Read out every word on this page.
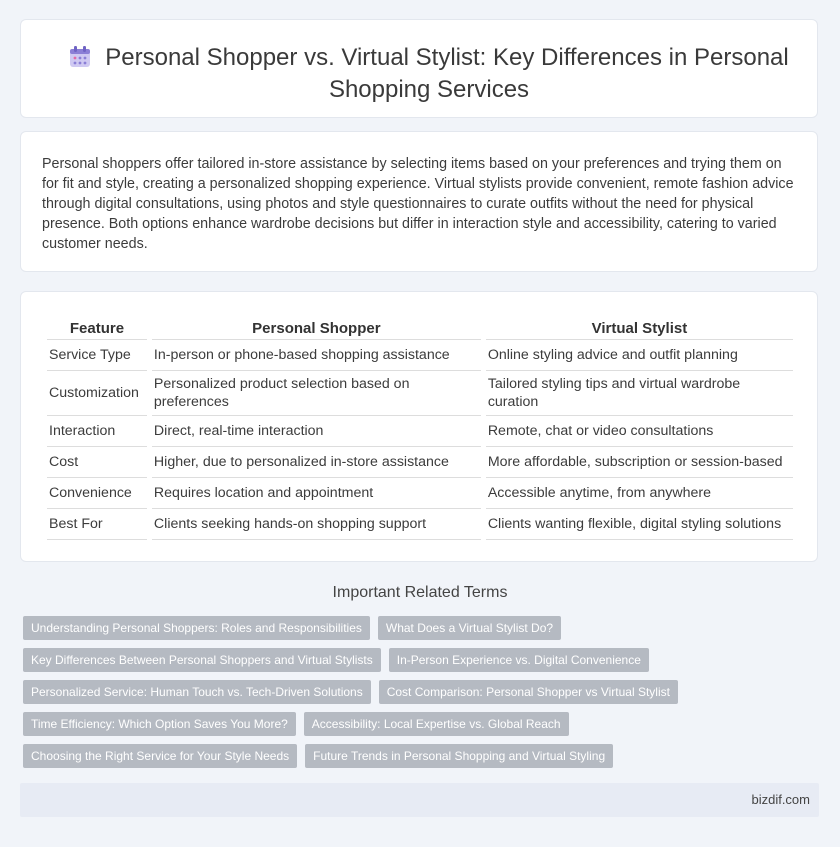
Personal Shopper vs. Virtual Stylist: Key Differences in Personal Shopping Services

Personal shoppers offer tailored in-store assistance by selecting items based on your preferences and trying them on for fit and style, creating a personalized shopping experience. Virtual stylists provide convenient, remote fashion advice through digital consultations, using photos and style questionnaires to curate outfits without the need for physical presence. Both options enhance wardrobe decisions but differ in interaction style and accessibility, catering to varied customer needs.

Feature	Personal Shopper	Virtual Stylist
Service Type	In-person or phone-based shopping assistance	Online styling advice and outfit planning
Customization	Personalized product selection based on preferences	Tailored styling tips and virtual wardrobe curation
Interaction	Direct, real-time interaction	Remote, chat or video consultations
Cost	Higher, due to personalized in-store assistance	More affordable, subscription or session-based
Convenience	Requires location and appointment	Accessible anytime, from anywhere
Best For	Clients seeking hands-on shopping support	Clients wanting flexible, digital styling solutions
Important Related Terms
Understanding Personal Shoppers: Roles and Responsibilities	What Does a Virtual Stylist Do?
Key Differences Between Personal Shoppers and Virtual Stylists	In-Person Experience vs. Digital Convenience
Personalized Service: Human Touch vs. Tech-Driven Solutions	Cost Comparison: Personal Shopper vs Virtual Stylist
Time Efficiency: Which Option Saves You More?	Accessibility: Local Expertise vs. Global Reach
Choosing the Right Service for Your Style Needs	Future Trends in Personal Shopping and Virtual Styling
bizdif.com
